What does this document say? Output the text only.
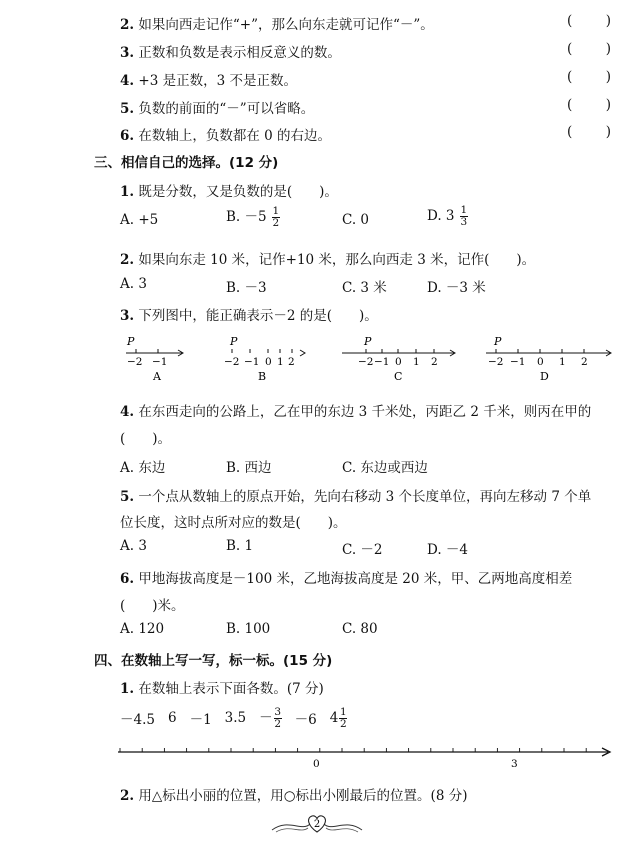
2. 如果向西走记作“+”，那么向东走就可记作“－”。	( )
3. 正数和负数是表示相反意义的数。	( )
4. +3 是正数，3 不是正数。	( )
5. 负数的前面的“－”可以省略。	( )
6. 在数轴上，负数都在 0 的右边。	( )
三、相信自己的选择。(12 分)
1. 既是分数，又是负数的是(　　)。
A. +5	B. $-5 \frac{1}{2}$	C. 0	D. $3 \frac{1}{3}$
2. 如果向东走 10 米，记作+10 米，那么向西走 3 米，记作(　　)。
A. 3	B. －3	C. 3 米	D. －3 米
3. 下列图中，能正确表示－2 的是(　　)。
P
−2 −1
A
P
−2 −1 0 1 2
B
P
−2 −1 0 1 2
C
P
−2 −1 0 1 2
D
4. 在东西走向的公路上，乙在甲的东边 3 千米处，丙距乙 2 千米，则丙在甲的
(　　)。
A. 东边	B. 西边	C. 东边或西边
5. 一个点从数轴上的原点开始，先向右移动 3 个长度单位，再向左移动 7 个单
位长度，这时点所对应的数是(　　)。
A. 3	B. 1	C. －2	D. －4
6. 甲地海拔高度是－100 米，乙地海拔高度是 20 米，甲、乙两地高度相差
(　　)米。
A. 120	B. 100	C. 80
四、在数轴上写一写，标一标。(15 分)
1. 在数轴上表示下面各数。(7 分)
－4.5 6 －1 $3.5 - \frac{3}{2} -6$ $4 \frac{1}{2}$
0	3
2. 用△标出小丽的位置，用○标出小刚最后的位置。(8 分)
2
